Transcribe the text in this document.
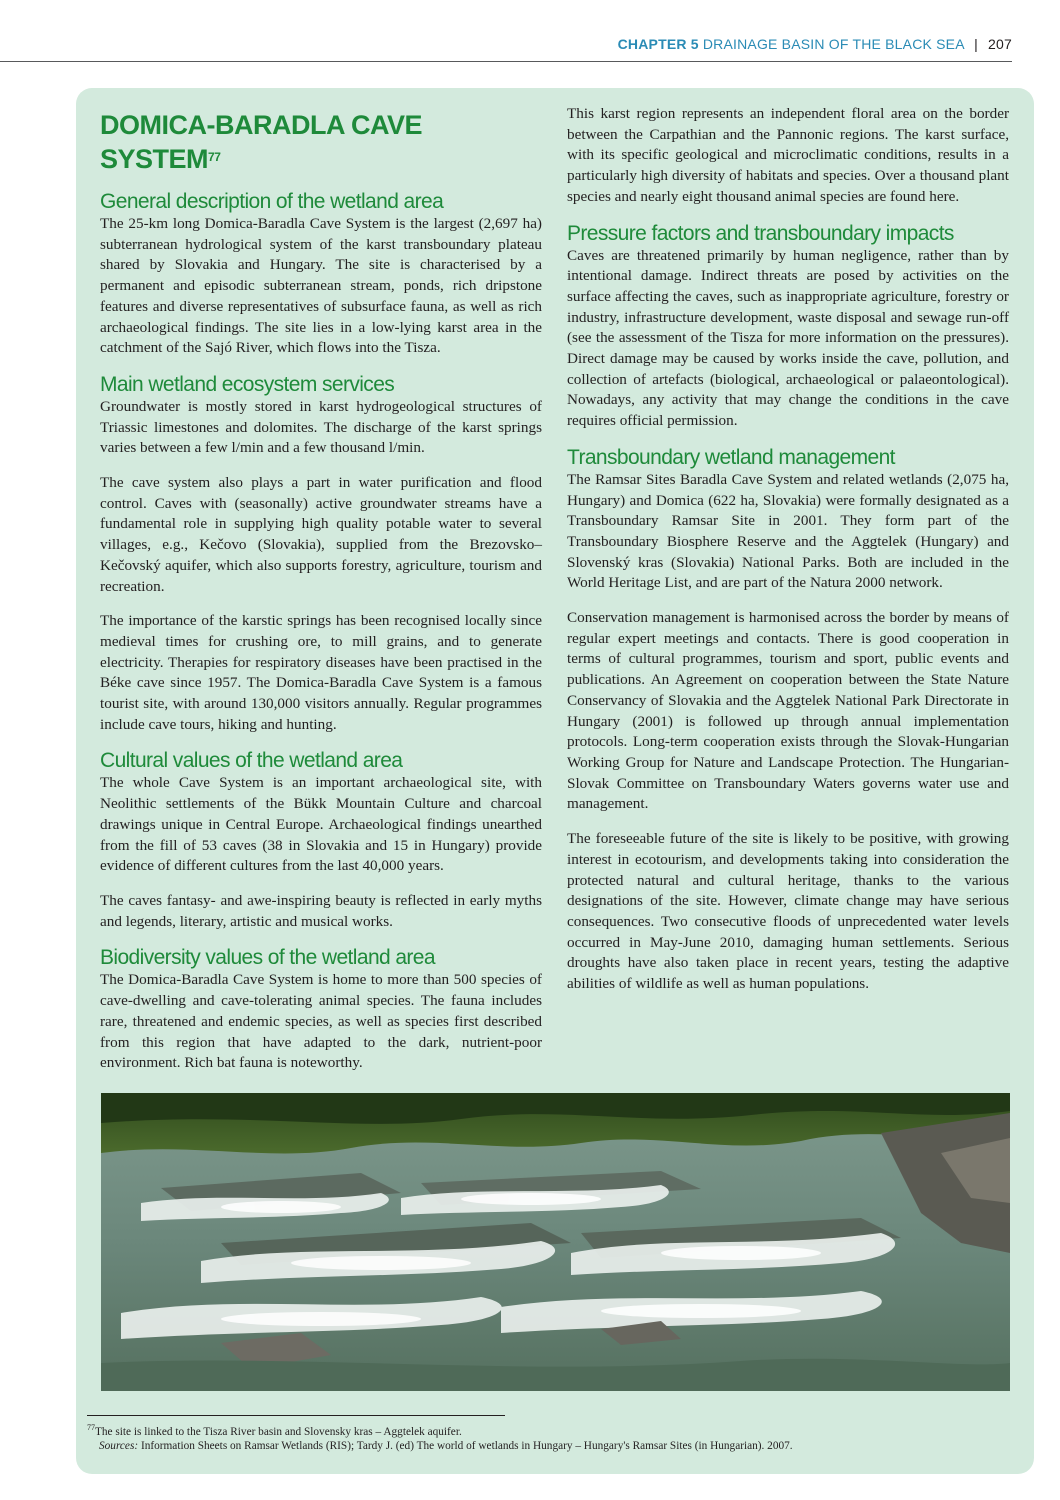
CHAPTER 5 DRAINAGE BASIN OF THE BLACK SEA | 207
DOMICA-BARADLA CAVE SYSTEM$^{77}$
General description of the wetland area

The 25-km long Domica-Baradla Cave System is the largest (2,697 ha) subterranean hydrological system of the karst transboundary plateau shared by Slovakia and Hungary. The site is characterised by a permanent and episodic subterranean stream, ponds, rich dripstone features and diverse representatives of subsurface fauna, as well as rich archaeological findings. The site lies in a low-lying karst area in the catchment of the Sajó River, which flows into the Tisza.

Main wetland ecosystem services

Groundwater is mostly stored in karst hydrogeological structures of Triassic limestones and dolomites. The discharge of the karst springs varies between a few l/min and a few thousand l/min.

The cave system also plays a part in water purification and flood control. Caves with (seasonally) active groundwater streams have a fundamental role in supplying high quality potable water to several villages, e.g., Kečovo (Slovakia), supplied from the Brezovsko–Kečovský aquifer, which also supports forestry, agriculture, tourism and recreation.

The importance of the karstic springs has been recognised locally since medieval times for crushing ore, to mill grains, and to generate electricity. Therapies for respiratory diseases have been practised in the Béke cave since 1957. The Domica-Baradla Cave System is a famous tourist site, with around 130,000 visitors annually. Regular programmes include cave tours, hiking and hunting.

Cultural values of the wetland area

The whole Cave System is an important archaeological site, with Neolithic settlements of the Bükk Mountain Culture and charcoal drawings unique in Central Europe. Archaeological findings unearthed from the fill of 53 caves (38 in Slovakia and 15 in Hungary) provide evidence of different cultures from the last 40,000 years.

The caves fantasy- and awe-inspiring beauty is reflected in early myths and legends, literary, artistic and musical works.

Biodiversity values of the wetland area

The Domica-Baradla Cave System is home to more than 500 species of cave-dwelling and cave-tolerating animal species. The fauna includes rare, threatened and endemic species, as well as species first described from this region that have adapted to the dark, nutrient-poor environment. Rich bat fauna is noteworthy.

This karst region represents an independent floral area on the border between the Carpathian and the Pannonic regions. The karst surface, with its specific geological and microclimatic conditions, results in a particularly high diversity of habitats and species. Over a thousand plant species and nearly eight thousand animal species are found here.

Pressure factors and transboundary impacts

Caves are threatened primarily by human negligence, rather than by intentional damage. Indirect threats are posed by activities on the surface affecting the caves, such as inappropriate agriculture, forestry or industry, infrastructure development, waste disposal and sewage run-off (see the assessment of the Tisza for more information on the pressures). Direct damage may be caused by works inside the cave, pollution, and collection of artefacts (biological, archaeological or palaeontological). Nowadays, any activity that may change the conditions in the cave requires official permission.

Transboundary wetland management

The Ramsar Sites Baradla Cave System and related wetlands (2,075 ha, Hungary) and Domica (622 ha, Slovakia) were formally designated as a Transboundary Ramsar Site in 2001. They form part of the Transboundary Biosphere Reserve and the Aggtelek (Hungary) and Slovenský kras (Slovakia) National Parks. Both are included in the World Heritage List, and are part of the Natura 2000 network.

Conservation management is harmonised across the border by means of regular expert meetings and contacts. There is good cooperation in terms of cultural programmes, tourism and sport, public events and publications. An Agreement on cooperation between the State Nature Conservancy of Slovakia and the Aggtelek National Park Directorate in Hungary (2001) is followed up through annual implementation protocols. Long-term cooperation exists through the Slovak-Hungarian Working Group for Nature and Landscape Protection. The Hungarian-Slovak Committee on Transboundary Waters governs water use and management.

The foreseeable future of the site is likely to be positive, with growing interest in ecotourism, and developments taking into consideration the protected natural and cultural heritage, thanks to the various designations of the site. However, climate change may have serious consequences. Two consecutive floods of unprecedented water levels occurred in May-June 2010, damaging human settlements. Serious droughts have also taken place in recent years, testing the adaptive abilities of wildlife as well as human populations.

$^{77}$The site is linked to the Tisza River basin and Slovensky kras – Aggtelek aquifer.
Sources: Information Sheets on Ramsar Wetlands (RIS); Tardy J. (ed) The world of wetlands in Hungary – Hungary's Ramsar Sites (in Hungarian). 2007.
